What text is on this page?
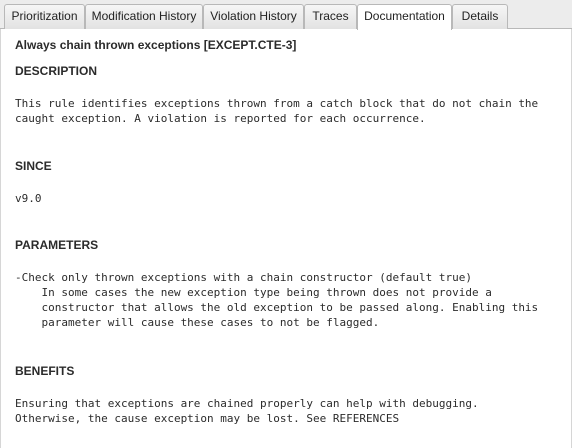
Prioritization	Modification History	Violation History	Traces	Documentation	Details
Always chain thrown exceptions [EXCEPT.CTE-3]
DESCRIPTION
This rule identifies exceptions thrown from a catch block that do not chain the
caught exception. A violation is reported for each occurrence.
SINCE
v9.0
PARAMETERS
-Check only thrown exceptions with a chain constructor (default true)
In some cases the new exception type being thrown does not provide a
constructor that allows the old exception to be passed along. Enabling this
parameter will cause these cases to not be flagged.
BENEFITS
Ensuring that exceptions are chained properly can help with debugging.
Otherwise, the cause exception may be lost. See REFERENCES
